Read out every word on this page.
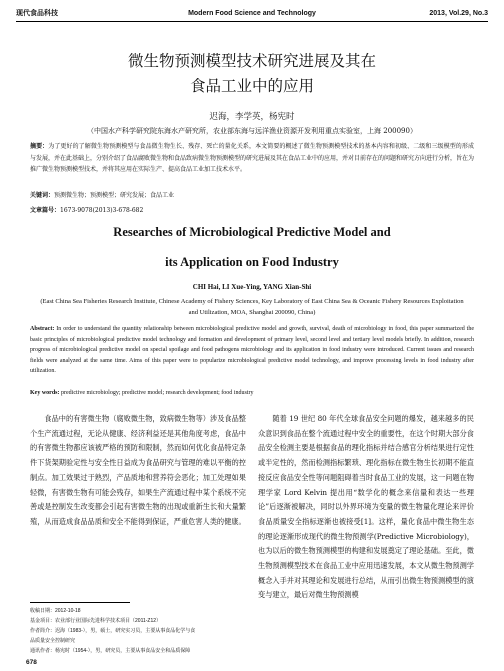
现代食品科技	Modern Food Science and Technology	2013, Vol.29, No.3
微生物预测模型技术研究进展及其在
食品工业中的应用
迟海，李学英，杨宪时
（中国水产科学研究院东海水产研究所，农业部东海与远洋渔业资源开发利用重点实验室，上海 200090）
摘要：为了更好的了解微生物预测模型与食品微生物生长、残存、死亡的量化关系，本文简要的概述了微生物预测模型技术的基本内容和初级、二级和三级模型的形成与发展，并在此基础上，分别介绍了食品腐败微生物和食品致病微生物预测模型的研究进展及其在食品工业中的应用，并对目前存在的问题和研究方向进行分析，旨在为推广微生物预测模型技术，并将其应用在实际生产、提高食品工业加工技术水平。
关键词：预测微生物；预测模型；研究发展；食品工业
文章篇号：1673-9078(2013)3-678-682
Researches of Microbiological Predictive Model and
its Application on Food Industry
CHI Hai, LI Xue-Ying, YANG Xian-Shi
(East China Sea Fisheries Research Institute, Chinese Academy of Fishery Sciences, Key Laboratory of East China Sea & Oceanic Fishery Resources Exploitation and Utilization, MOA, Shanghai 200090, China)
Abstract: In order to understand the quantity relationship between microbiological predictive model and growth, survival, death of microbiology in food, this paper summarized the basic principles of microbiological predictive model technology and formation and development of primary level, second level and tertiary level models briefly. In addition, research progress of microbiological predictive model on special spoilage and food pathogens microbiology and its application in food industry were introduced. Current issues and research fields were analyzed at the same time. Aims of this paper were to popularize microbiological predictive model technology, and improve processing levels in food industry after utilization.
Key words: predictive microbiology; predictive model; research development; food industry

食品中的有害微生物（腐败微生物，致病微生物等）涉及食品整个生产流通过程，无论从健康、经济利益还是其他角度考虑，食品中的有害微生物都应该被严格的预防和限制，然而如何优化食品特定条件下货架期验定性与安全性日益成为食品研究与管理的难以平衡的控制点。加工效果过于熟烈，产品质地和营养符会恶化；加工处理如果轻微，有害微生物有可能会残存，如果生产流通过程中某个系统不完善或是控制发生改变都会引起有害微生物的出现或重新生长和大量繁殖，从而造成食品品质和安全不能得到保证，严重危害人类的健康。

随着 19 世纪 80 年代全球食品安全问题的爆发，越来越多的民众意识到食品在整个流通过程中安全的重要性，在这个时期大部分食品安全检测主要是根据食品的理化指标并结合感官分析结果进行定性或半定性的，然而检测指标繁琐、理化指标在微生物生长初期不能直接反应食品安全性等问题阻碍着当时食品工业的发展，这一问题在物理学家 Lord Kelvin 提出用“数学化的概念来信量和表达一些理论”后逐渐被解决，同时以外界环境为变量的微生物量化理论来评价食品质量安全指标逐渐也被接受[1]。这样，量化食品中微生物生态的理论逐渐形成现代的微生物预测学(Predictive Microbiology)，也为以后的微生物预测模型的构建和发展奠定了理论基础。至此，微生物预测模型技术在食品工业中应用迅速发展，本文从微生物预测学概念入手并对其理论和发展进行总结，从而引出微生物预测模型的演变与建立，最后对微生物预测模

收稿日期：2012-10-18
基金项目：农业部行业国际先进科学技术项目（2011-Z12）
作者简介：迟海（1983-），男，硕士，研究实习员，主要从事食品化学与食
品质量安全控制研究
通讯作者：杨宪时（1954-），男，研究员，主要从事食品安全和品质保障
678
